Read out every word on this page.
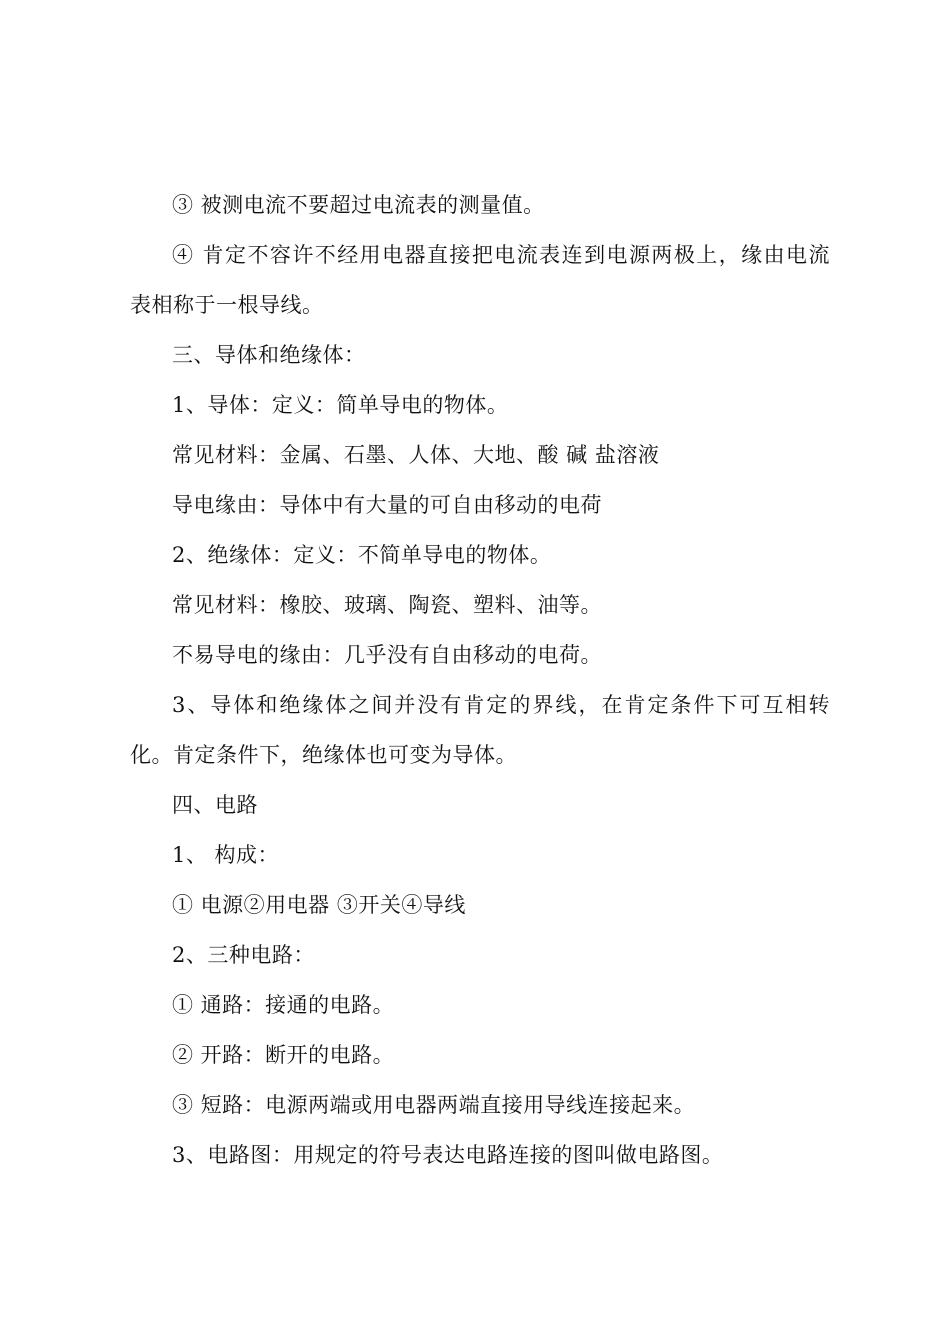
③ 被测电流不要超过电流表的测量值。
④ 肯定不容许不经用电器直接把电流表连到电源两极上，缘由电流
表相称于一根导线。
三、导体和绝缘体：
1、导体：定义：简单导电的物体。
常见材料：金属、石墨、人体、大地、酸 碱 盐溶液
导电缘由：导体中有大量的可自由移动的电荷
2、绝缘体：定义：不简单导电的物体。
常见材料：橡胶、玻璃、陶瓷、塑料、油等。
不易导电的缘由：几乎没有自由移动的电荷。
3、导体和绝缘体之间并没有肯定的界线，在肯定条件下可互相转
化。肯定条件下，绝缘体也可变为导体。
四、电路
1、 构成：
① 电源②用电器 ③开关④导线
2、三种电路：
① 通路：接通的电路。
② 开路：断开的电路。
③ 短路：电源两端或用电器两端直接用导线连接起来。
3、电路图：用规定的符号表达电路连接的图叫做电路图。
